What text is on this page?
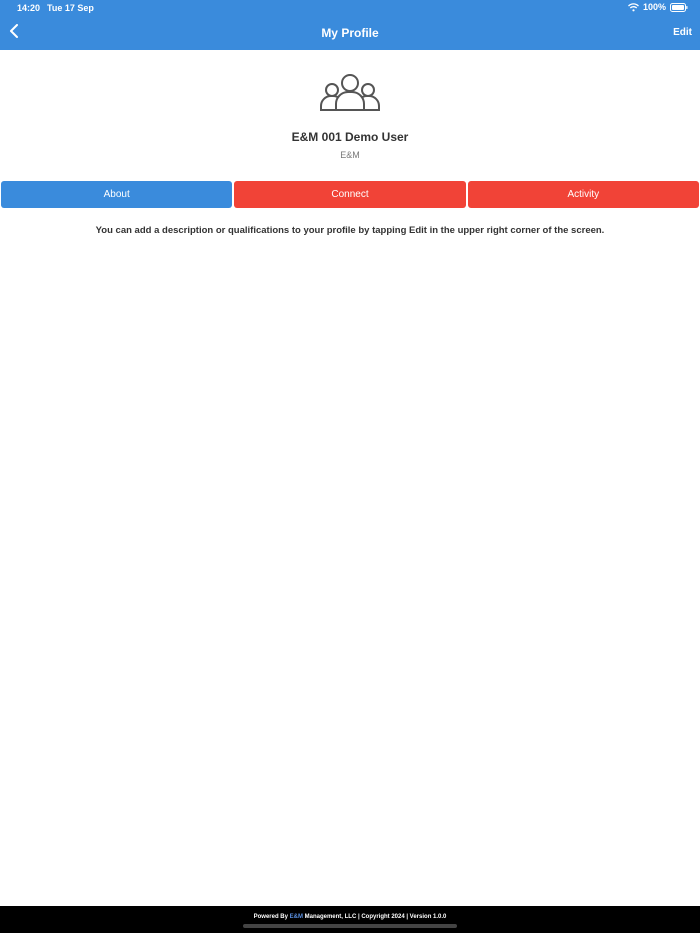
14:20 Tue 17 Sep	100%
My Profile	Edit
E&M 001 Demo User
E&M
About	Connect	Activity
You can add a description or qualifications to your profile by tapping Edit in the upper right corner of the screen.
Powered By E&M Management, LLC | Copyright 2024 | Version 1.0.0
